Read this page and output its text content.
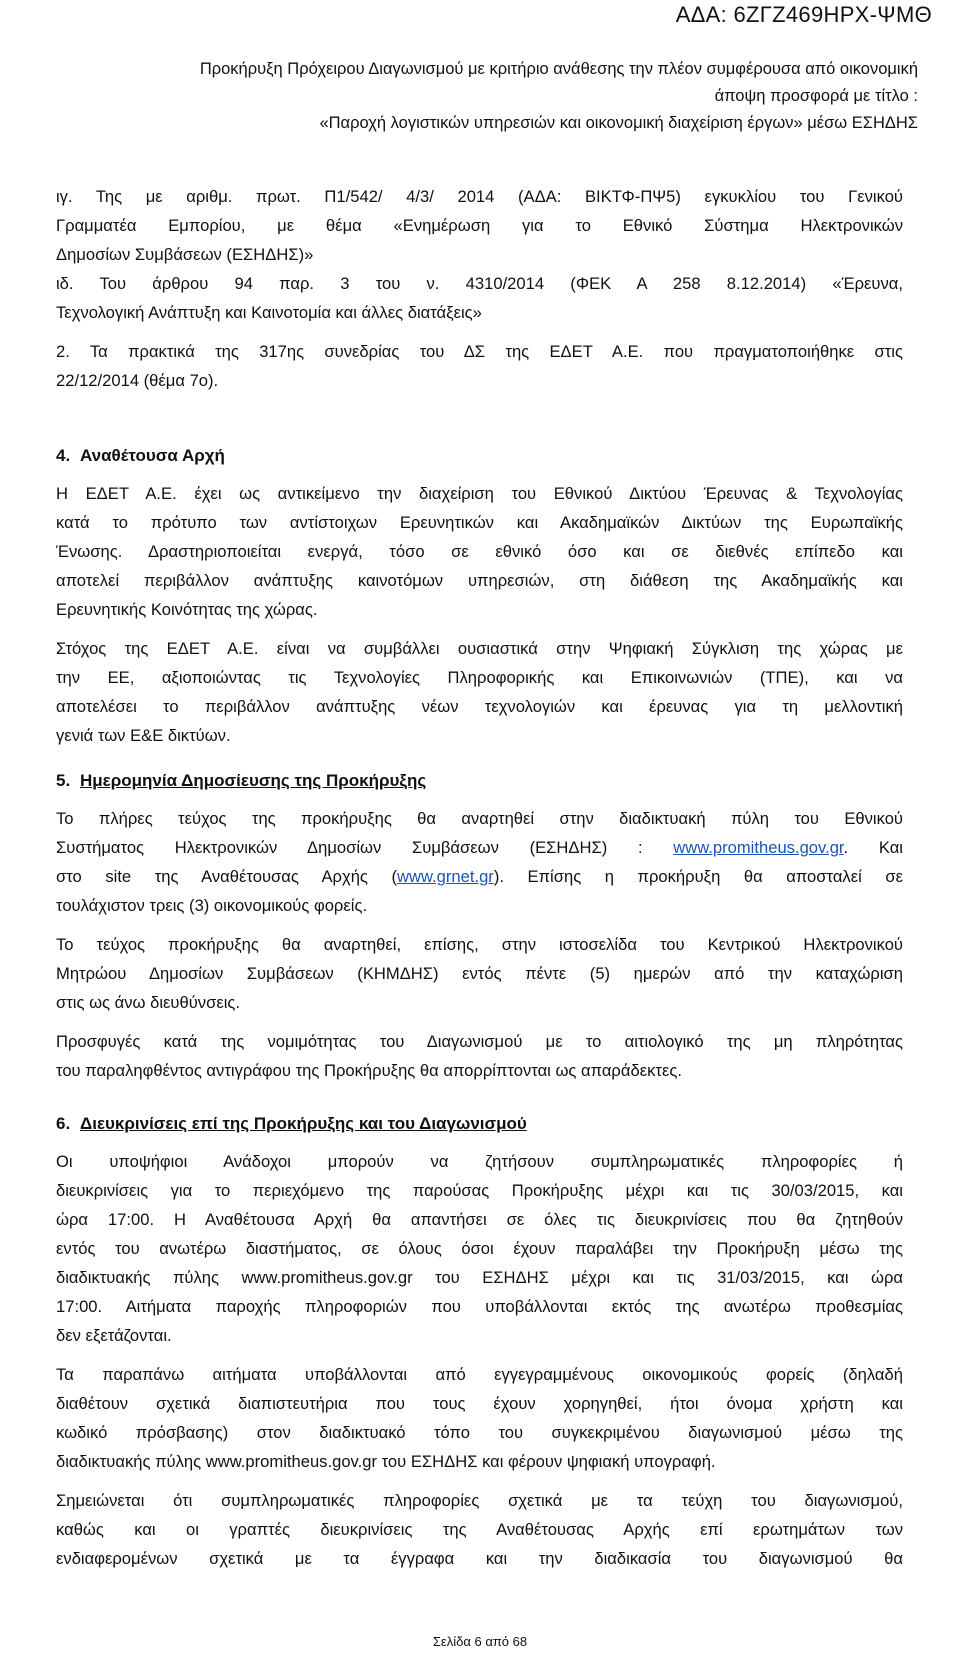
ΑΔΑ: 6ΖΓΖ469ΗΡΧ-ΨΜΘ
Προκήρυξη Πρόχειρου Διαγωνισμού με κριτήριο ανάθεσης την πλέον συμφέρουσα από οικονομική
άποψη προσφορά με τίτλο :
«Παροχή λογιστικών υπηρεσιών και οικονομική διαχείριση έργων» μέσω ΕΣΗΔΗΣ
ιγ. Της με αριθμ. πρωτ. Π1/542/ 4/3/ 2014 (ΑΔΑ: ΒΙΚΤΦ-ΠΨ5) εγκυκλίου του Γενικού
Γραμματέα Εμπορίου, με θέμα «Ενημέρωση για το Εθνικό Σύστημα Ηλεκτρονικών
Δημοσίων Συμβάσεων (ΕΣΗΔΗΣ)»
ιδ. Του άρθρου 94 παρ. 3 του ν. 4310/2014 (ΦΕΚ Α 258 8.12.2014) «Έρευνα,
Τεχνολογική Ανάπτυξη και Καινοτομία και άλλες διατάξεις»
2. Τα πρακτικά της 317ης συνεδρίας του ΔΣ της ΕΔΕΤ Α.Ε. που πραγματοποιήθηκε στις
22/12/2014 (θέμα 7ο).
4. Αναθέτουσα Αρχή
Η ΕΔΕΤ Α.Ε. έχει ως αντικείμενο την διαχείριση του Εθνικού Δικτύου Έρευνας & Τεχνολογίας
κατά το πρότυπο των αντίστοιχων Ερευνητικών και Ακαδημαϊκών Δικτύων της Ευρωπαϊκής
Ένωσης. Δραστηριοποιείται ενεργά, τόσο σε εθνικό όσο και σε διεθνές επίπεδο και
αποτελεί περιβάλλον ανάπτυξης καινοτόμων υπηρεσιών, στη διάθεση της Ακαδημαϊκής και
Ερευνητικής Κοινότητας της χώρας.
Στόχος της ΕΔΕΤ Α.Ε. είναι να συμβάλλει ουσιαστικά στην Ψηφιακή Σύγκλιση της χώρας με
την ΕΕ, αξιοποιώντας τις Τεχνολογίες Πληροφορικής και Επικοινωνιών (ΤΠΕ), και να
αποτελέσει το περιβάλλον ανάπτυξης νέων τεχνολογιών και έρευνας για τη μελλοντική
γενιά των Ε&Ε δικτύων.
5. Ημερομηνία Δημοσίευσης της Προκήρυξης
Το πλήρες τεύχος της προκήρυξης θα αναρτηθεί στην διαδικτυακή πύλη του Εθνικού
Συστήματος Ηλεκτρονικών Δημοσίων Συμβάσεων (ΕΣΗΔΗΣ) : www.promitheus.gov.gr. Και
στο site της Αναθέτουσας Αρχής (www.grnet.gr). Επίσης η προκήρυξη θα αποσταλεί σε
τουλάχιστον τρεις (3) οικονομικούς φορείς.
Το τεύχος προκήρυξης θα αναρτηθεί, επίσης, στην ιστοσελίδα του Κεντρικού Ηλεκτρονικού
Μητρώου Δημοσίων Συμβάσεων (ΚΗΜΔΗΣ) εντός πέντε (5) ημερών από την καταχώριση
στις ως άνω διευθύνσεις.
Προσφυγές κατά της νομιμότητας του Διαγωνισμού με το αιτιολογικό της μη πληρότητας
του παραληφθέντος αντιγράφου της Προκήρυξης θα απορρίπτονται ως απαράδεκτες.
6. Διευκρινίσεις επί της Προκήρυξης και του Διαγωνισμού
Οι υποψήφιοι Ανάδοχοι μπορούν να ζητήσουν συμπληρωματικές πληροφορίες ή
διευκρινίσεις για το περιεχόμενο της παρούσας Προκήρυξης μέχρι και τις 30/03/2015, και
ώρα 17:00. Η Αναθέτουσα Αρχή θα απαντήσει σε όλες τις διευκρινίσεις που θα ζητηθούν
εντός του ανωτέρω διαστήματος, σε όλους όσοι έχουν παραλάβει την Προκήρυξη μέσω της
διαδικτυακής πύλης www.promitheus.gov.gr του ΕΣΗΔΗΣ μέχρι και τις 31/03/2015, και ώρα
17:00. Αιτήματα παροχής πληροφοριών που υποβάλλονται εκτός της ανωτέρω προθεσμίας
δεν εξετάζονται.
Τα παραπάνω αιτήματα υποβάλλονται από εγγεγραμμένους οικονομικούς φορείς (δηλαδή
διαθέτουν σχετικά διαπιστευτήρια που τους έχουν χορηγηθεί, ήτοι όνομα χρήστη και
κωδικό πρόσβασης) στον διαδικτυακό τόπο του συγκεκριμένου διαγωνισμού μέσω της
διαδικτυακής πύλης www.promitheus.gov.gr του ΕΣΗΔΗΣ και φέρουν ψηφιακή υπογραφή.
Σημειώνεται ότι συμπληρωματικές πληροφορίες σχετικά με τα τεύχη του διαγωνισμού,
καθώς και οι γραπτές διευκρινίσεις της Αναθέτουσας Αρχής επί ερωτημάτων των
ενδιαφερομένων σχετικά με τα έγγραφα και την διαδικασία του διαγωνισμού θα
Σελίδα 6 από 68
